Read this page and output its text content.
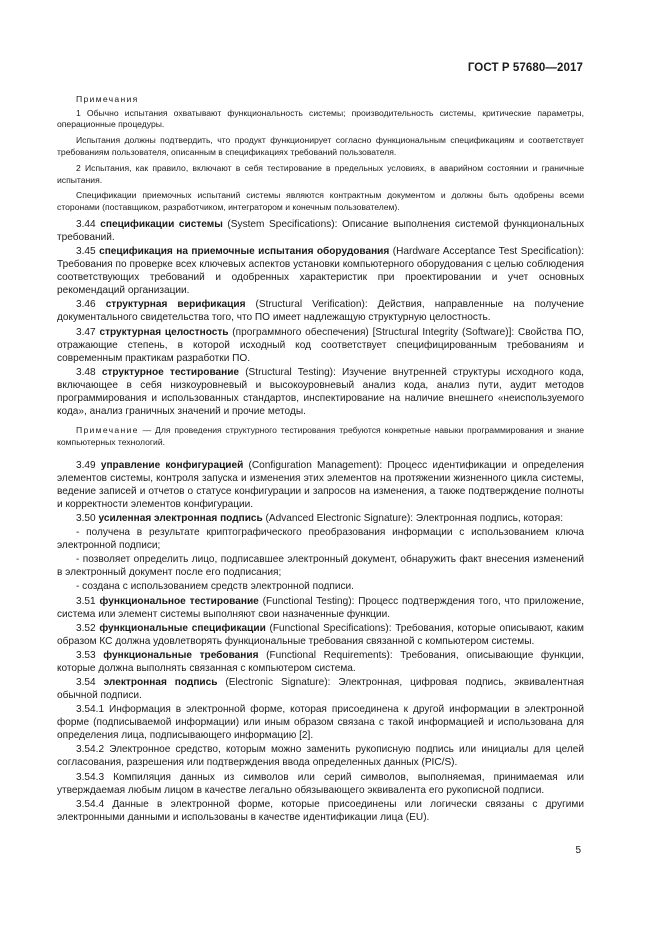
ГОСТ Р 57680—2017

Примечания

1 Обычно испытания охватывают функциональность системы; производительность системы, критические параметры, операционные процедуры.

Испытания должны подтвердить, что продукт функционирует согласно функциональным спецификациям и соответствует требованиям пользователя, описанным в спецификациях требований пользователя.

2 Испытания, как правило, включают в себя тестирование в предельных условиях, в аварийном состоянии и граничные испытания.

Спецификации приемочных испытаний системы являются контрактным документом и должны быть одобрены всеми сторонами (поставщиком, разработчиком, интегратором и конечным пользователем).

3.44 спецификации системы (System Specifications): Описание выполнения системой функциональных требований.

3.45 спецификация на приемочные испытания оборудования (Hardware Acceptance Test Specification): Требования по проверке всех ключевых аспектов установки компьютерного оборудования с целью соблюдения соответствующих требований и одобренных характеристик при проектировании и учет основных рекомендаций организации.

3.46 структурная верификация (Structural Verification): Действия, направленные на получение документального свидетельства того, что ПО имеет надлежащую структурную целостность.

3.47 структурная целостность (программного обеспечения) [Structural Integrity (Software)]: Свойства ПО, отражающие степень, в которой исходный код соответствует специфицированным требованиям и современным практикам разработки ПО.

3.48 структурное тестирование (Structural Testing): Изучение внутренней структуры исходного кода, включающее в себя низкоуровневый и высокоуровневый анализ кода, анализ пути, аудит методов программирования и использованных стандартов, инспектирование на наличие внешнего «неиспользуемого кода», анализ граничных значений и прочие методы.

Примечание — Для проведения структурного тестирования требуются конкретные навыки программирования и знание компьютерных технологий.

3.49 управление конфигурацией (Configuration Management): Процесс идентификации и определения элементов системы, контроля запуска и изменения этих элементов на протяжении жизненного цикла системы, ведение записей и отчетов о статусе конфигурации и запросов на изменения, а также подтверждение полноты и корректности элементов конфигурации.

3.50 усиленная электронная подпись (Advanced Electronic Signature): Электронная подпись, которая:

- получена в результате криптографического преобразования информации с использованием ключа электронной подписи;

- позволяет определить лицо, подписавшее электронный документ, обнаружить факт внесения изменений в электронный документ после его подписания;

- создана с использованием средств электронной подписи.

3.51 функциональное тестирование (Functional Testing): Процесс подтверждения того, что приложение, система или элемент системы выполняют свои назначенные функции.

3.52 функциональные спецификации (Functional Specifications): Требования, которые описывают, каким образом КС должна удовлетворять функциональные требования связанной с компьютером системы.

3.53 функциональные требования (Functional Requirements): Требования, описывающие функции, которые должна выполнять связанная с компьютером система.

3.54 электронная подпись (Electronic Signature): Электронная, цифровая подпись, эквивалентная обычной подписи.

3.54.1 Информация в электронной форме, которая присоединена к другой информации в электронной форме (подписываемой информации) или иным образом связана с такой информацией и использована для определения лица, подписывающего информацию [2].

3.54.2 Электронное средство, которым можно заменить рукописную подпись или инициалы для целей согласования, разрешения или подтверждения ввода определенных данных (PIC/S).

3.54.3 Компиляция данных из символов или серий символов, выполняемая, принимаемая или утверждаемая любым лицом в качестве легально обязывающего эквивалента его рукописной подписи.

3.54.4 Данные в электронной форме, которые присоединены или логически связаны с другими электронными данными и использованы в качестве идентификации лица (EU).

5
